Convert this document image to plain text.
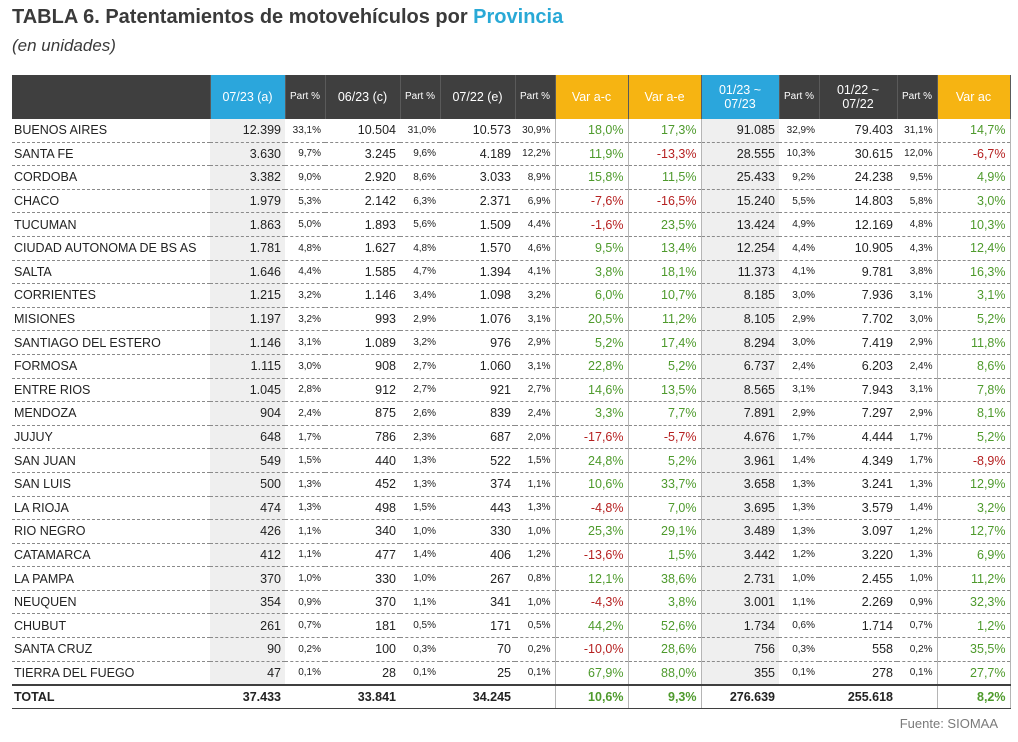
TABLA 6. Patentamientos de motovehículos por Provincia
(en unidades)
	07/23 (a)	Part %	06/23 (c)	Part %	07/22 (e)	Part %	Var a-c	Var a-e	01/23 ~ 07/23	Part %	01/22 ~ 07/22	Part %	Var ac
BUENOS AIRES	12.399	33,1%	10.504	31,0%	10.573	30,9%	18,0%	17,3%	91.085	32,9%	79.403	31,1%	14,7%
SANTA FE	3.630	9,7%	3.245	9,6%	4.189	12,2%	11,9%	-13,3%	28.555	10,3%	30.615	12,0%	-6,7%
CORDOBA	3.382	9,0%	2.920	8,6%	3.033	8,9%	15,8%	11,5%	25.433	9,2%	24.238	9,5%	4,9%
CHACO	1.979	5,3%	2.142	6,3%	2.371	6,9%	-7,6%	-16,5%	15.240	5,5%	14.803	5,8%	3,0%
TUCUMAN	1.863	5,0%	1.893	5,6%	1.509	4,4%	-1,6%	23,5%	13.424	4,9%	12.169	4,8%	10,3%
CIUDAD AUTONOMA DE BS AS	1.781	4,8%	1.627	4,8%	1.570	4,6%	9,5%	13,4%	12.254	4,4%	10.905	4,3%	12,4%
SALTA	1.646	4,4%	1.585	4,7%	1.394	4,1%	3,8%	18,1%	11.373	4,1%	9.781	3,8%	16,3%
CORRIENTES	1.215	3,2%	1.146	3,4%	1.098	3,2%	6,0%	10,7%	8.185	3,0%	7.936	3,1%	3,1%
MISIONES	1.197	3,2%	993	2,9%	1.076	3,1%	20,5%	11,2%	8.105	2,9%	7.702	3,0%	5,2%
SANTIAGO DEL ESTERO	1.146	3,1%	1.089	3,2%	976	2,9%	5,2%	17,4%	8.294	3,0%	7.419	2,9%	11,8%
FORMOSA	1.115	3,0%	908	2,7%	1.060	3,1%	22,8%	5,2%	6.737	2,4%	6.203	2,4%	8,6%
ENTRE RIOS	1.045	2,8%	912	2,7%	921	2,7%	14,6%	13,5%	8.565	3,1%	7.943	3,1%	7,8%
MENDOZA	904	2,4%	875	2,6%	839	2,4%	3,3%	7,7%	7.891	2,9%	7.297	2,9%	8,1%
JUJUY	648	1,7%	786	2,3%	687	2,0%	-17,6%	-5,7%	4.676	1,7%	4.444	1,7%	5,2%
SAN JUAN	549	1,5%	440	1,3%	522	1,5%	24,8%	5,2%	3.961	1,4%	4.349	1,7%	-8,9%
SAN LUIS	500	1,3%	452	1,3%	374	1,1%	10,6%	33,7%	3.658	1,3%	3.241	1,3%	12,9%
LA RIOJA	474	1,3%	498	1,5%	443	1,3%	-4,8%	7,0%	3.695	1,3%	3.579	1,4%	3,2%
RIO NEGRO	426	1,1%	340	1,0%	330	1,0%	25,3%	29,1%	3.489	1,3%	3.097	1,2%	12,7%
CATAMARCA	412	1,1%	477	1,4%	406	1,2%	-13,6%	1,5%	3.442	1,2%	3.220	1,3%	6,9%
LA PAMPA	370	1,0%	330	1,0%	267	0,8%	12,1%	38,6%	2.731	1,0%	2.455	1,0%	11,2%
NEUQUEN	354	0,9%	370	1,1%	341	1,0%	-4,3%	3,8%	3.001	1,1%	2.269	0,9%	32,3%
CHUBUT	261	0,7%	181	0,5%	171	0,5%	44,2%	52,6%	1.734	0,6%	1.714	0,7%	1,2%
SANTA CRUZ	90	0,2%	100	0,3%	70	0,2%	-10,0%	28,6%	756	0,3%	558	0,2%	35,5%
TIERRA DEL FUEGO	47	0,1%	28	0,1%	25	0,1%	67,9%	88,0%	355	0,1%	278	0,1%	27,7%
TOTAL	37.433		33.841		34.245		10,6%	9,3%	276.639		255.618		8,2%
Fuente: SIOMAA
